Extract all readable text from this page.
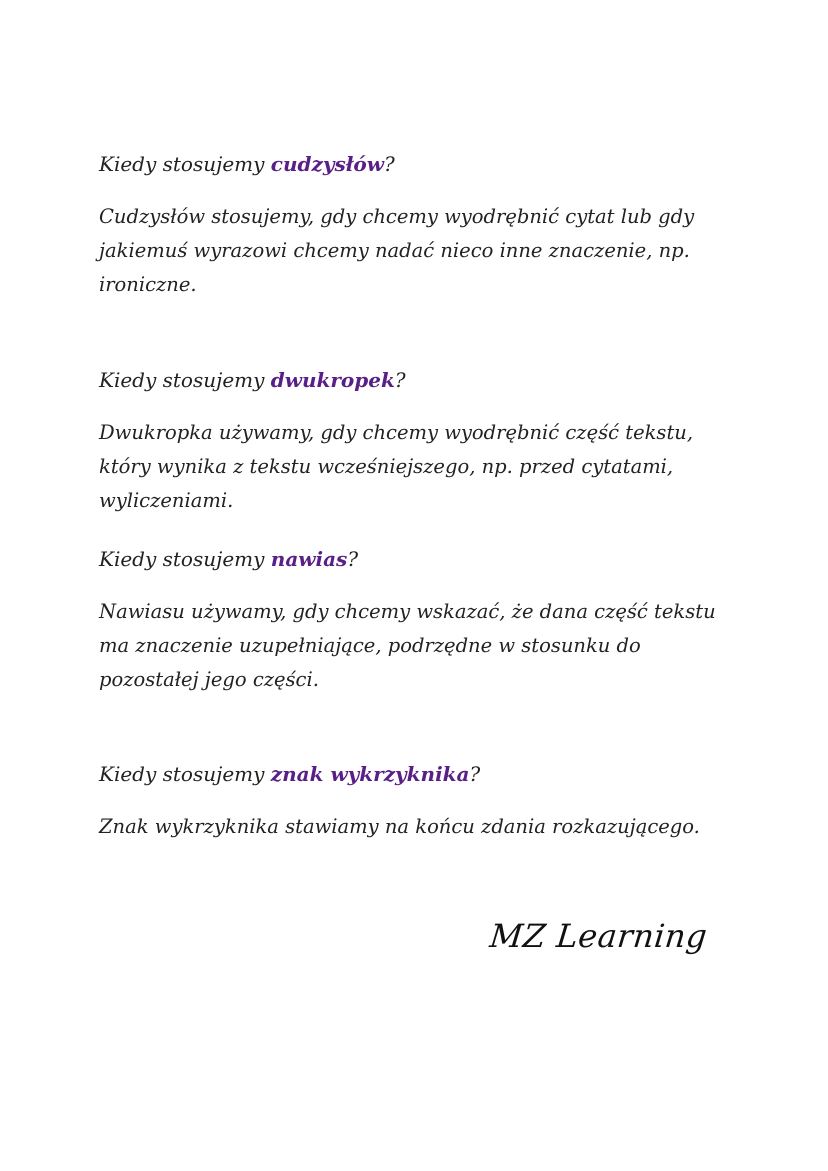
Kiedy stosujemy cudzysłów?

Cudzysłów stosujemy, gdy chcemy wyodrębnić cytat lub gdy jakiemuś wyrazowi chcemy nadać nieco inne znaczenie, np. ironiczne.

Kiedy stosujemy dwukropek?

Dwukropka używamy, gdy chcemy wyodrębnić część tekstu, który wynika z tekstu wcześniejszego, np. przed cytatami, wyliczeniami.

Kiedy stosujemy nawias?

Nawiasu używamy, gdy chcemy wskazać, że dana część tekstu ma znaczenie uzupełniające, podrzędne w stosunku do pozostałej jego części.

Kiedy stosujemy znak wykrzyknika?

Znak wykrzyknika stawiamy na końcu zdania rozkazującego.

MZ Learning
